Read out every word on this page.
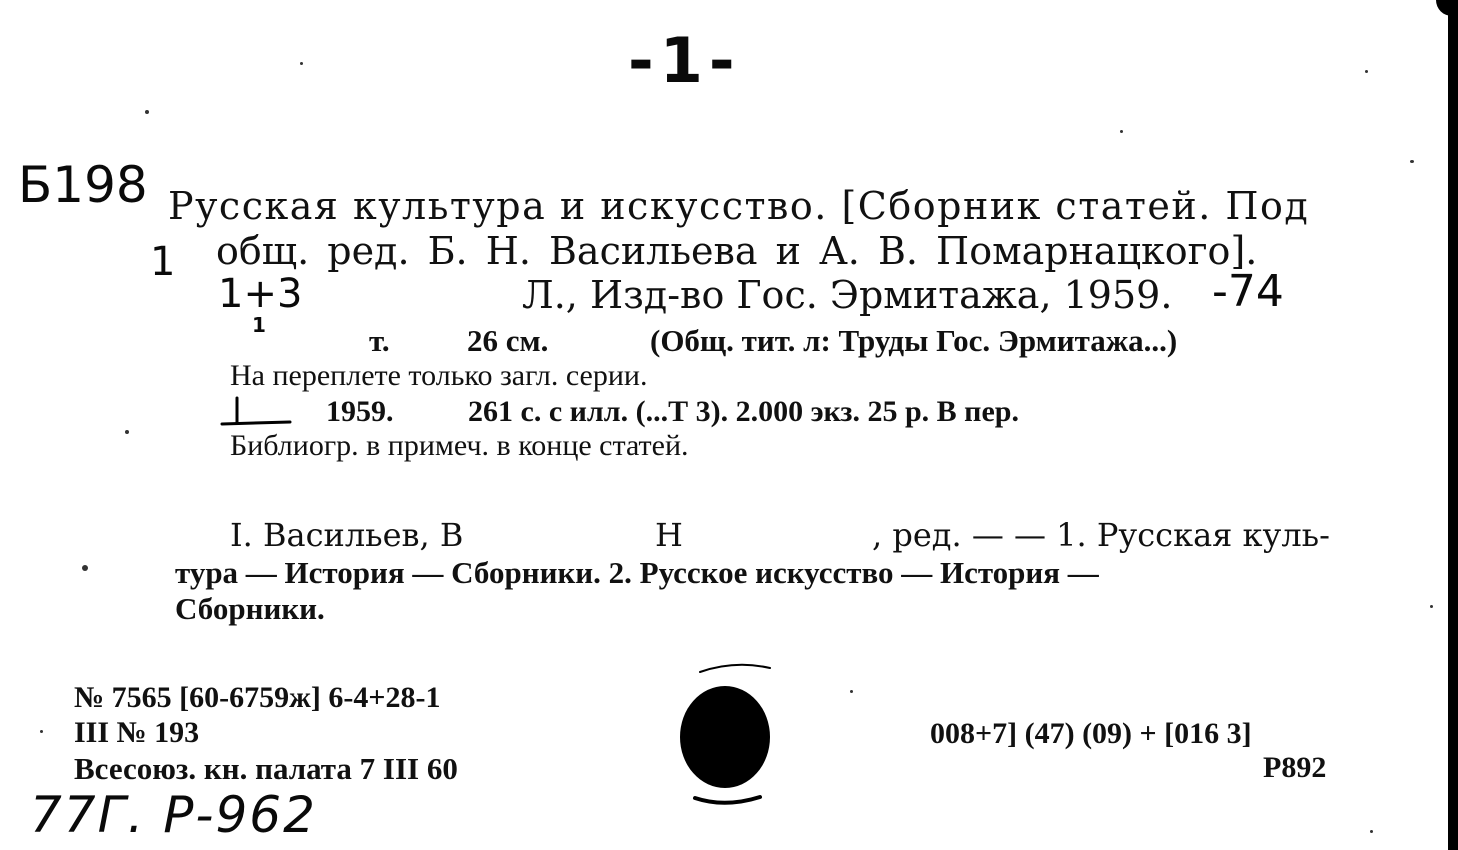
-1-
Б198
1
Русская культура и искусство. [Сборник статей. Под
общ. ред. Б. Н. Васильева и А. В. Помарнацкого].
1+3	Л., Изд-во Гос. Эрмитажа, 1959. -74
1	т. 26 см.	(Общ. тит. л: Труды Гос. Эрмитажа...)
На переплете только загл. серии.
1959. 261 с. с илл. (...Т 3). 2.000 экз. 25 р. В пер.
Библиогр. в примеч. в конце статей.
I. Васильев, В	Н	, ред. — — 1. Русская куль-
тура — История — Сборники. 2. Русское искусство — История —
Сборники.
№ 7565 [60-6759ж] 6-4+28-1
III № 193
Всесоюз. кн. палата 7 III 60
008+7] (47) (09) + [016 3]
Р892
77Г. Р-962
